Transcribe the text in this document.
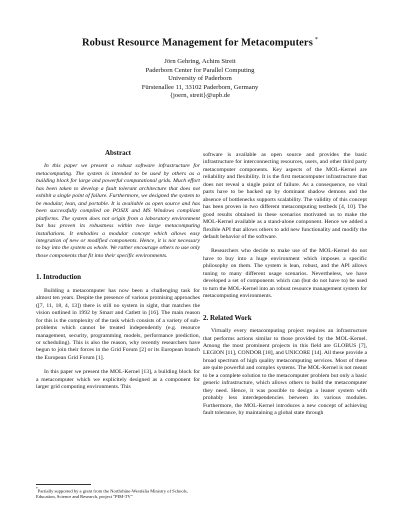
Robust Resource Management for Metacomputers *
Jörn Gehring, Achim Streit
Paderborn Center for Parallel Computing
University of Paderborn
Fürstenallee 11, 33102 Paderborn, Germany
{joern, streit}@upb.de
Abstract

In this paper we present a robust software infrastructure for metacomputing. The system is intended to be used by others as a building block for large and powerful computational grids. Much effort has been taken to develop a fault tolerant architecture that does not exhibit a single point of failure. Furthermore, we designed the system to be modular, lean, and portable. It is available as open source and has been successfully compiled on POSIX and MS Windows compliant platforms. The system does not origin from a laboratory environment but has proven its robustness within two large metacomputing installations. It embodies a modular concept which allows easy integration of new or modified components. Hence, it is not necessary to buy into the system as whole. We rather encourage others to use only those components that fit into their specific environments.

1. Introduction

Building a metacomputer has now been a challenging task for almost ten years. Despite the presence of various promising approaches ([7, 11, 18, 4, 13]) there is still no system in sight, that matches the vision outlined in 1992 by Smarr and Catlett in [16]. The main reason for this is the complexity of the task which consists of a variety of sub-problems which cannot be treated independently (e.g. resource management, security, programming models, performance prediction, or scheduling). This is also the reason, why recently researchers have begun to join their forces in the Grid Forum [2] or its European branch the European Grid Forum [1].

In this paper we present the MOL-Kernel [13], a building block for a metacomputer which we explicitely designed as a component for larger grid computing environments. This

*Partially supported by a grant from the Northrhine-Westfalia Ministry of Schools, Education, Science and Research, project "PIM-TV"

software is available as open source and provides the basic infrastructure for interconnecting resources, users, and other third party metacomputer components. Key aspects of the MOL-Kernel are reliability and flexibility. It is the first metacomputer infrastructure that does not reveal a single point of failure. As a consequence, no vital parts have to be backed up by dominant shadow demons and the absence of bottlenecks supports scalability. The validity of this concept has been proven in two different metacomputing testbeds [4, 10]. The good results obtained in these scenarios motivated us to make the MOL-Kernel available as a stand-alone component. Hence we added a flexible API that allows others to add new functionality and modify the default behavior of the software.

Researchers who decide to make use of the MOL-Kernel do not have to buy into a huge environment which imposes a specific philosophy on them. The system is lean, robust, and the API allows tuning to many different usage scenarios. Nevertheless, we have developed a set of components which can (but do not have to) be used to turn the MOL-Kernel into an robust resource management system for metacomputing environments.

2. Related Work

Virtually every metacomputing project requires an infrastructure that performs actions similar to those provided by the MOL-Kernel. Among the most prominent projects in this field are GLOBUS [7], LEGION [11], CONDOR [18], and UNICORE [14]. All these provide a broad spectrum of high quality metacomputing services. Most of these are quite powerful and complex systems. The MOL-Kernel is not meant to be a complete solution to the metacomputer problem but only a basic generic infrastructure, which allows others to build the metacomputer they need. Hence, it was possible to design a leaner system with probably less interdependencies between its various modules. Furthermore, the MOL-Kernel introduces a new concept of achieving fault tolerance, by maintaining a global state through
